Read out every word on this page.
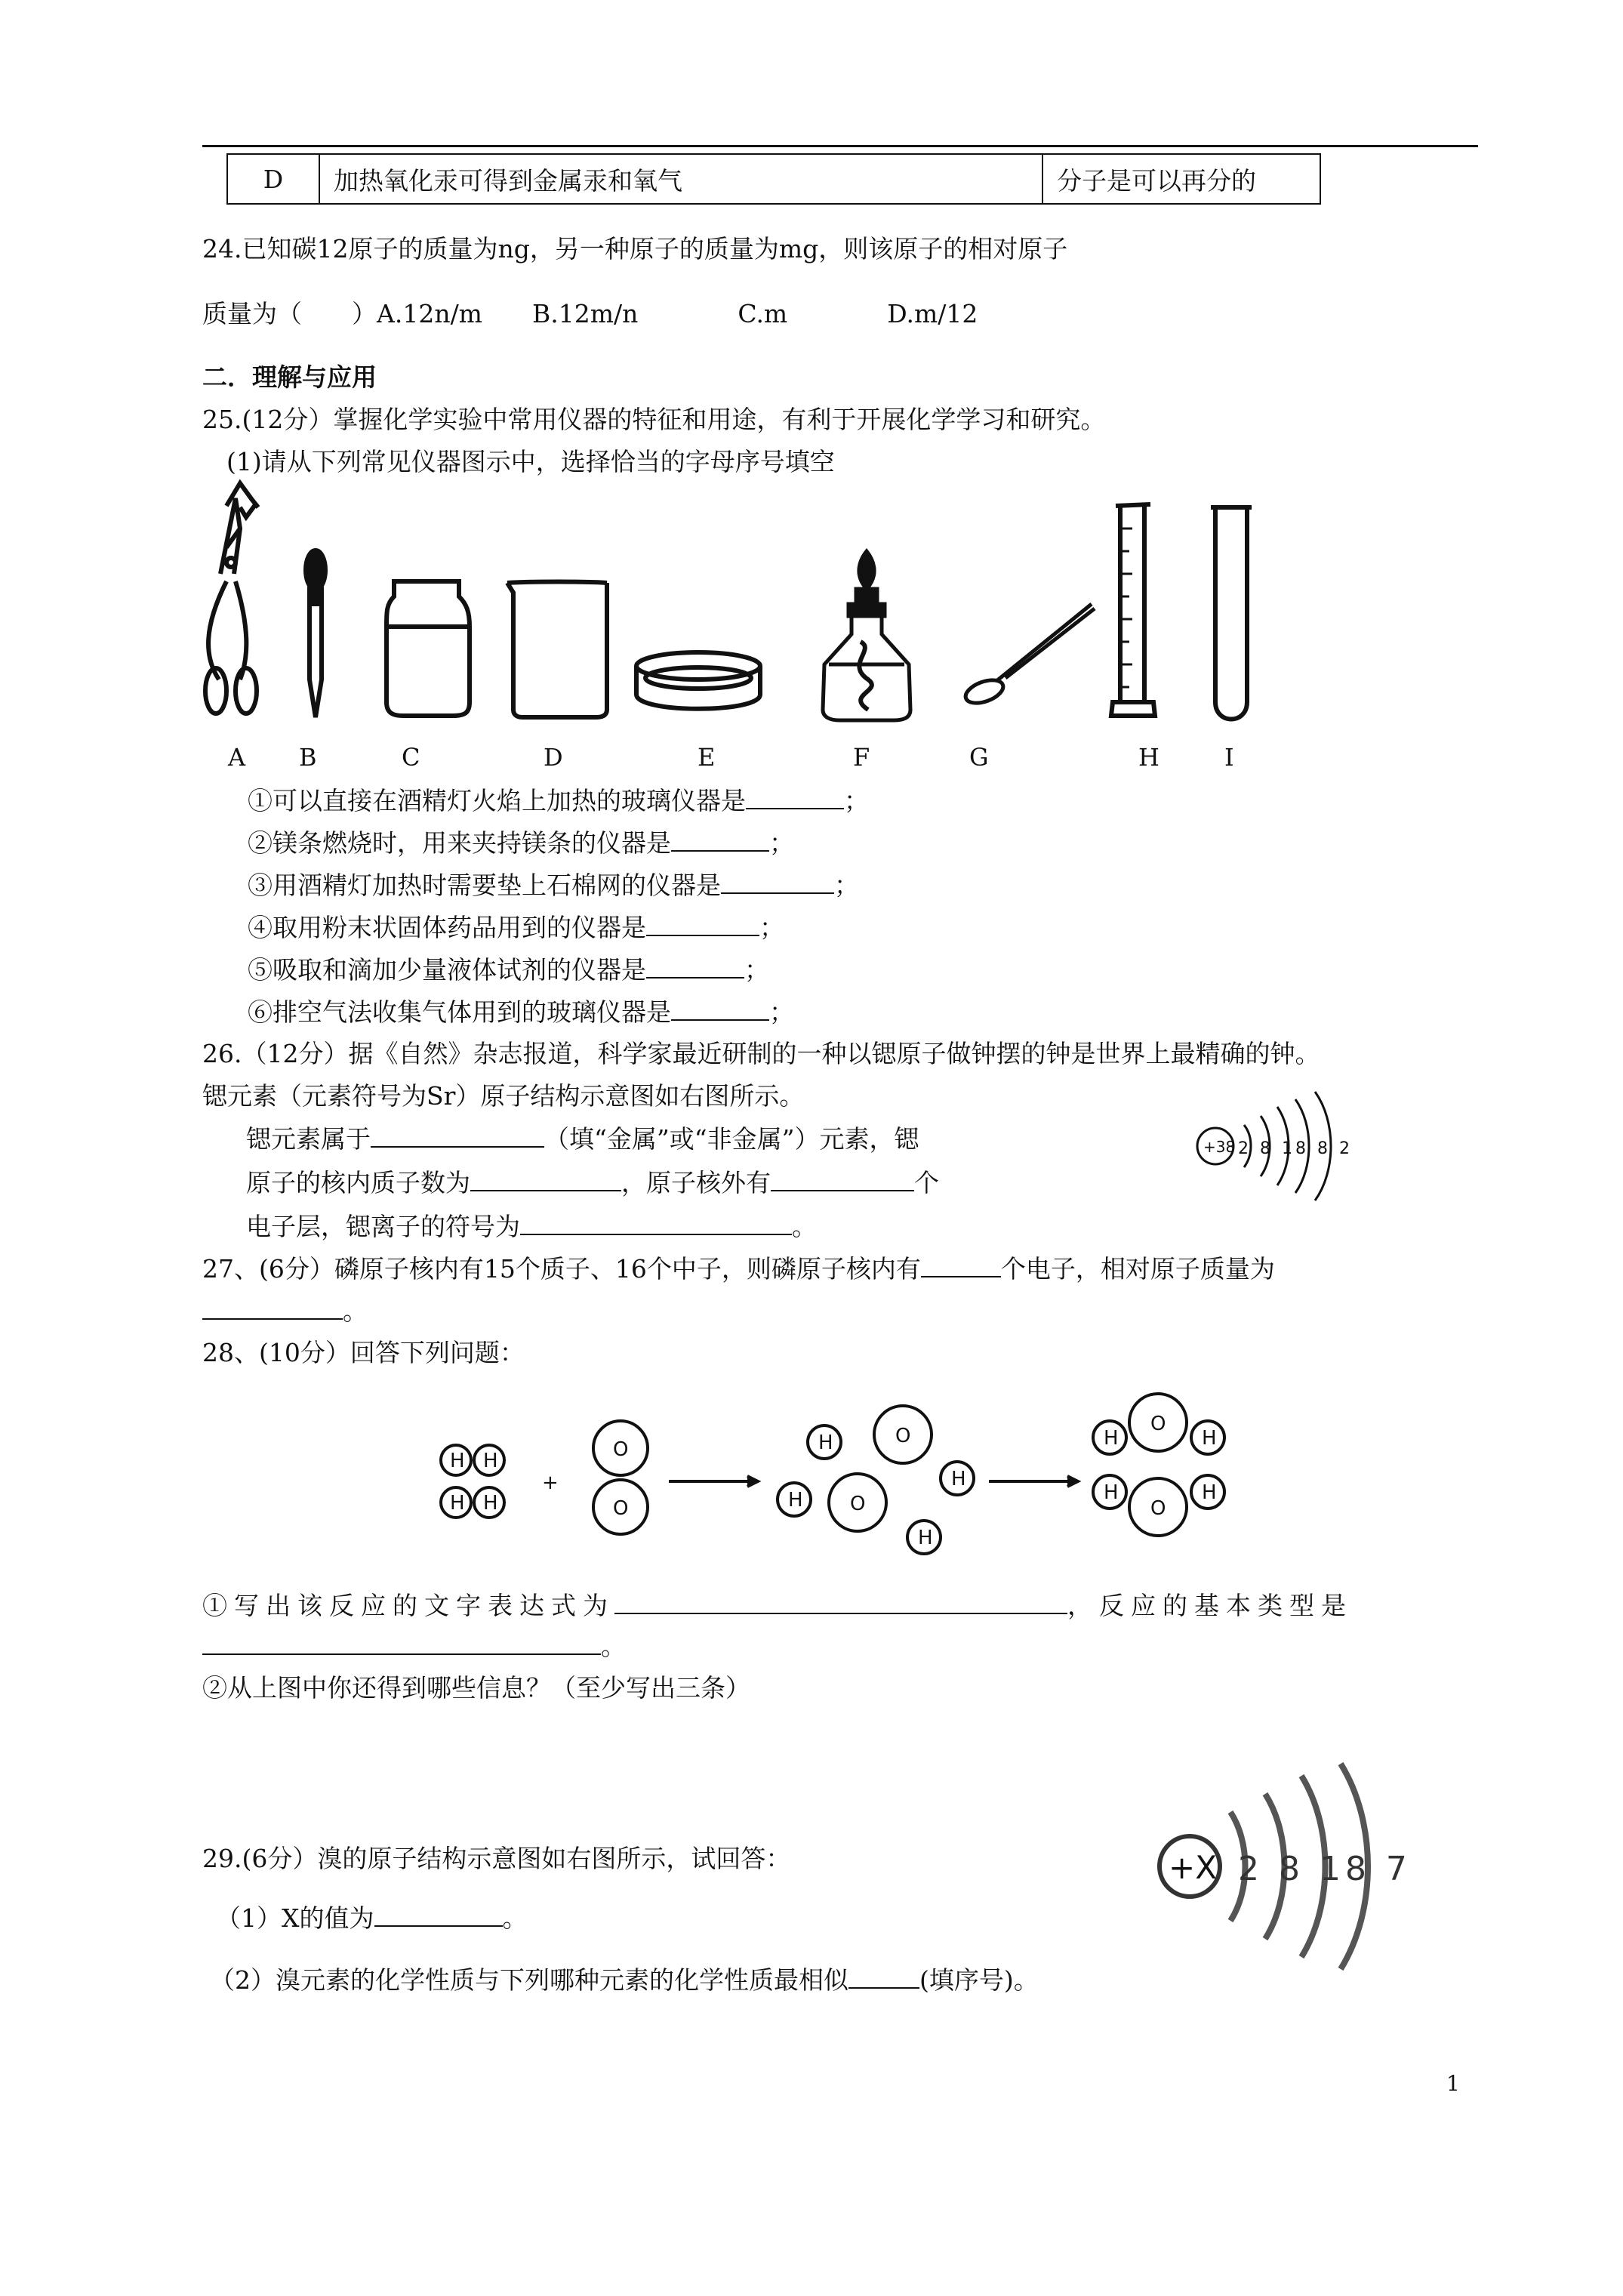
D	加热氧化汞可得到金属汞和氧气	分子是可以再分的
24.已知碳12原子的质量为ng，另一种原子的质量为mg，则该原子的相对原子
质量为（　　）A.12n/m　　B.12m/n　　　　C.m　　　　D.m/12
二．理解与应用
25.(12分）掌握化学实验中常用仪器的特征和用途，有利于开展化学学习和研究。
(1)请从下列常见仪器图示中，选择恰当的字母序号填空
A B	C	D	E	F	G	H	I
+38 2 8 18 8 2
H H
H H
+
O
O
H	O
H O
H
H
O
H	H
O
H	H
+X 2 8 18 7
①可以直接在酒精灯火焰上加热的玻璃仪器是	；
②镁条燃烧时，用来夹持镁条的仪器是	；
③用酒精灯加热时需要垫上石棉网的仪器是	；
④取用粉末状固体药品用到的仪器是	；
⑤吸取和滴加少量液体试剂的仪器是	；
⑥排空气法收集气体用到的玻璃仪器是	；
26.（12分）据《自然》杂志报道，科学家最近研制的一种以锶原子做钟摆的钟是世界上最精确的钟。
锶元素（元素符号为Sr）原子结构示意图如右图所示。
锶元素属于	（填“金属”或“非金属”）元素，锶
原子的核内质子数为	，原子核外有	个
电子层，锶离子的符号为	。
27、(6分）磷原子核内有15个质子、16个中子，则磷原子核内有	个电子，相对原子质量为
。
28、(10分）回答下列问题：
①写出该反应的文字表达式为	，反应的基本类型是
。
②从上图中你还得到哪些信息？（至少写出三条）
29.(6分）溴的原子结构示意图如右图所示，试回答：
（1）X的值为	。
（2）溴元素的化学性质与下列哪种元素的化学性质最相似	(填序号)。
1
